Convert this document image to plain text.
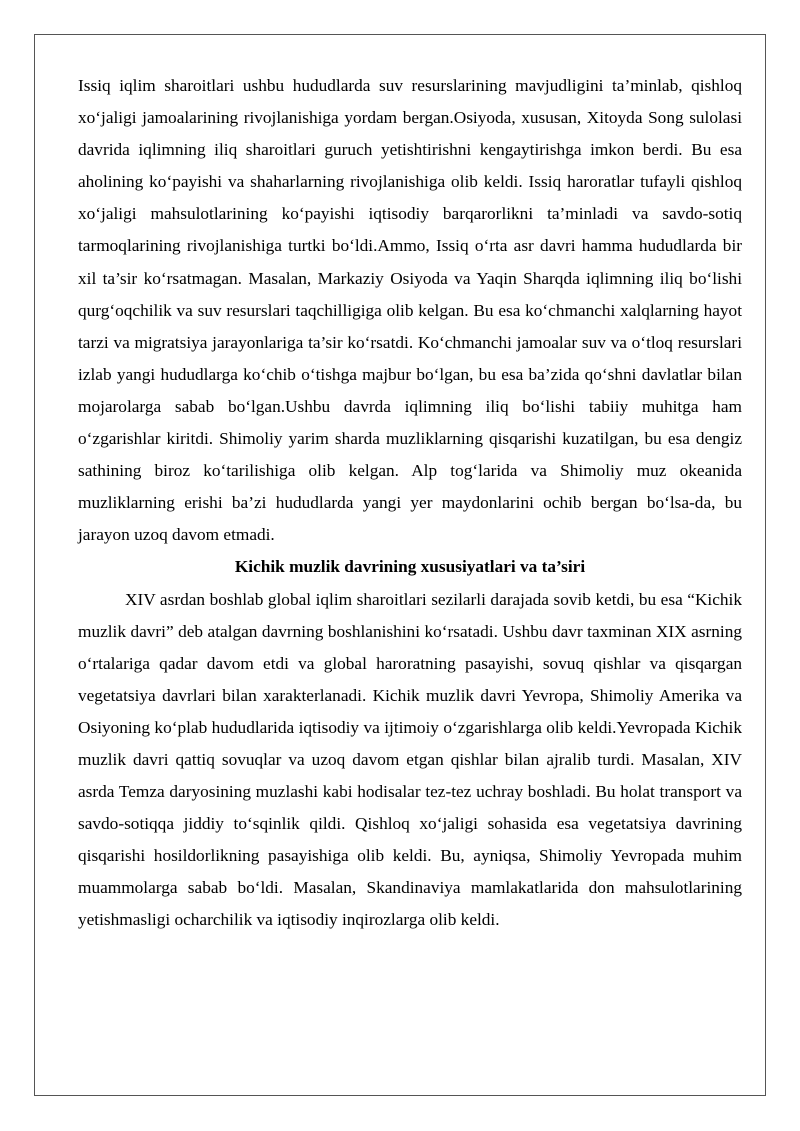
Issiq iqlim sharoitlari ushbu hududlarda suv resurslarining mavjudligini ta’minlab, qishloq xo‘jaligi jamoalarining rivojlanishiga yordam bergan.Osiyoda, xususan, Xitoyda Song sulolasi davrida iqlimning iliq sharoitlari guruch yetishtirishni kengaytirishga imkon berdi. Bu esa aholining ko‘payishi va shaharlarning rivojlanishiga olib keldi. Issiq haroratlar tufayli qishloq xo‘jaligi mahsulotlarining ko‘payishi iqtisodiy barqarorlikni ta’minladi va savdo-sotiq tarmoqlarining rivojlanishiga turtki bo‘ldi.Ammo, Issiq o‘rta asr davri hamma hududlarda bir xil ta’sir ko‘rsatmagan. Masalan, Markaziy Osiyoda va Yaqin Sharqda iqlimning iliq bo‘lishi qurg‘oqchilik va suv resurslari taqchilligiga olib kelgan. Bu esa ko‘chmanchi xalqlarning hayot tarzi va migratsiya jarayonlariga ta’sir ko‘rsatdi. Ko‘chmanchi jamoalar suv va o‘tloq resurslari izlab yangi hududlarga ko‘chib o‘tishga majbur bo‘lgan, bu esa ba’zida qo‘shni davlatlar bilan mojarolarga sabab bo‘lgan.Ushbu davrda iqlimning iliq bo‘lishi tabiiy muhitga ham o‘zgarishlar kiritdi. Shimoliy yarim sharda muzliklarning qisqarishi kuzatilgan, bu esa dengiz sathining biroz ko‘tarilishiga olib kelgan. Alp tog‘larida va Shimoliy muz okeanida muzliklarning erishi ba’zi hududlarda yangi yer maydonlarini ochib bergan bo‘lsa-da, bu jarayon uzoq davom etmadi.

Kichik muzlik davrining xususiyatlari va ta’siri

XIV asrdan boshlab global iqlim sharoitlari sezilarli darajada sovib ketdi, bu esa “Kichik muzlik davri” deb atalgan davrning boshlanishini ko‘rsatadi. Ushbu davr taxminan XIX asrning o‘rtalariga qadar davom etdi va global haroratning pasayishi, sovuq qishlar va qisqargan vegetatsiya davrlari bilan xarakterlanadi. Kichik muzlik davri Yevropa, Shimoliy Amerika va Osiyoning ko‘plab hududlarida iqtisodiy va ijtimoiy o‘zgarishlarga olib keldi.Yevropada Kichik muzlik davri qattiq sovuqlar va uzoq davom etgan qishlar bilan ajralib turdi. Masalan, XIV asrda Temza daryosining muzlashi kabi hodisalar tez-tez uchray boshladi. Bu holat transport va savdo-sotiqqa jiddiy to‘sqinlik qildi. Qishloq xo‘jaligi sohasida esa vegetatsiya davrining qisqarishi hosildorlikning pasayishiga olib keldi. Bu, ayniqsa, Shimoliy Yevropada muhim muammolarga sabab bo‘ldi. Masalan, Skandinaviya mamlakatlarida don mahsulotlarining yetishmasligi ocharchilik va iqtisodiy inqirozlarga olib keldi.
